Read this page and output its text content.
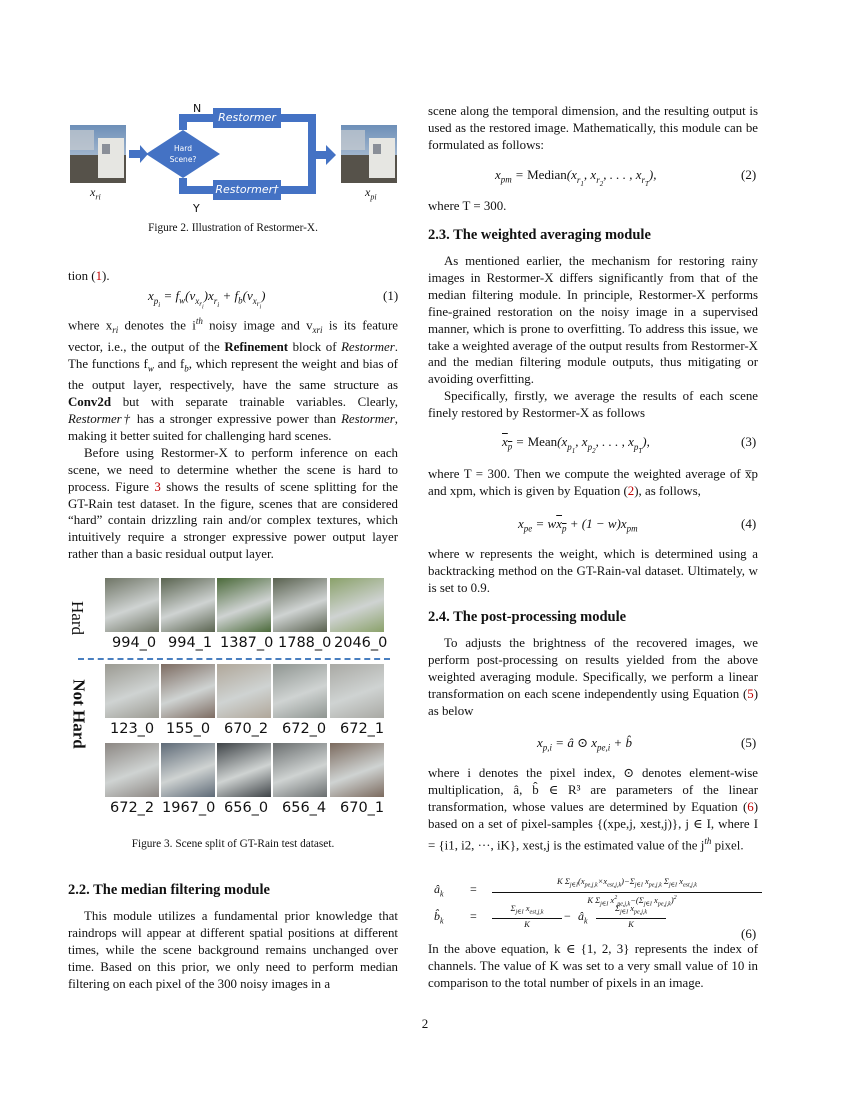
N
Y
Hard
Scene?
Restormer
Restormer†
$x_{ri}$	$x_{pi}$
Figure 2. Illustration of Restormer-X.

tion (1).

$x_{p_i} = f_w(v_{x_{r_i}})x_{r_i} + f_b(v_{x_{r_i}})$	(1)

where $x_{ri}$ denotes the $i^{th}$ noisy image and $v_{xri}$ is its feature vector, i.e., the output of the Refinement block of Restormer. The functions $f_w$ and $f_b$, which represent the weight and bias of the output layer, respectively, have the same structure as Conv2d but with separate trainable variables. Clearly, Restormer† has a stronger expressive power than Restormer, making it better suited for challenging hard scenes.

Before using Restormer-X to perform inference on each scene, we need to determine whether the scene is hard to process. Figure 3 shows the results of scene splitting for the GT-Rain test dataset. In the figure, scenes that are considered “hard” contain drizzling rain and/or complex textures, which intuitively require a stronger expressive power output layer rather than a basic residual output layer.

Hard
Not Hard
994_0 994_1 1387_0 1788_0 2046_0
123_0 155_0 670_2 672_0 672_1
672_2 1967_0 656_0 656_4 670_1
Figure 3. Scene split of GT-Rain test dataset.
2.2. The median filtering module

This module utilizes a fundamental prior knowledge that raindrops will appear at different spatial positions at different times, while the scene background remains unchanged over time. Based on this prior, we only need to perform median filtering on each pixel of the 300 noisy images in a

scene along the temporal dimension, and the resulting output is used as the restored image. Mathematically, this module can be formulated as follows:

$x_{pm}$ = $Median(x_{r_1}$, $x_{r_2}$, . . . , $x_{r_T}$),	(2)

where T = 300.

2.3. The weighted averaging module

As mentioned earlier, the mechanism for restoring rainy images in Restormer-X differs significantly from that of the median filtering module. In principle, Restormer-X performs fine-grained restoration on the noisy image in a supervised manner, which is prone to overfitting. To address this issue, we take a weighted average of the output results from Restormer-X and the median filtering module outputs, thus mitigating or avoiding overfitting.

Specifically, firstly, we average the results of each scene finely restored by Restormer-X as follows

$x_p$ = $Mean(x_{p_1}$, $x_{p_2}$, . . . , $x_{p_T}$),	(3)

where T = 300. Then we compute the weighted average of x̅p and xpm, which is given by Equation (2), as follows,

$x_{pe} = wx_p + (1 - w)x_{pm}$	(4)

where w represents the weight, which is determined using a backtracking method on the GT-Rain-val dataset. Ultimately, w is set to 0.9.

2.4. The post-processing module

To adjusts the brightness of the recovered images, we perform post-processing on results yielded from the above weighted averaging module. Specifically, we perform a linear transformation on each scene independently using Equation (5) as below

$x_{p,i}$ = â ⊙ $x_{pe,i}$ + b̂	(5)

where i denotes the pixel index, ⊙ denotes element-wise multiplication, â, b̂ ∈ R³ are parameters of the linear transformation, whose values are determined by Equation (6) based on a set of pixel-samples {(xpe,j, xest,j)}, j ∈ I, where I = {i1, i2, ···, iK}, xest,j is the estimated value of the $j^{th}$ pixel.

$â_k$ =
K $\Sigma_{j\in I}(x_{pe,j,k}\times x_{est,j,k})-\Sigma_{j\in I}$ $x_{pe,j,k}$ $\Sigma_{j\in I}$ $x_{est,j,k}$
K $\Sigma_{j\in I}$ $x^2_{pe,j,k}-(\Sigma_{j\in I}$ $x_{pe,j,k})^2$
$b̂_k$ =
$\Sigma_{j\in I}$ $x_{est,j,k}$
K
− $â_k$
$\Sigma_{j\in I}$ $x_{pe,j,k}$
K
(6)

In the above equation, k ∈ {1, 2, 3} represents the index of channels. The value of K was set to a very small value of 10 in comparison to the total number of pixels in an image.

2
